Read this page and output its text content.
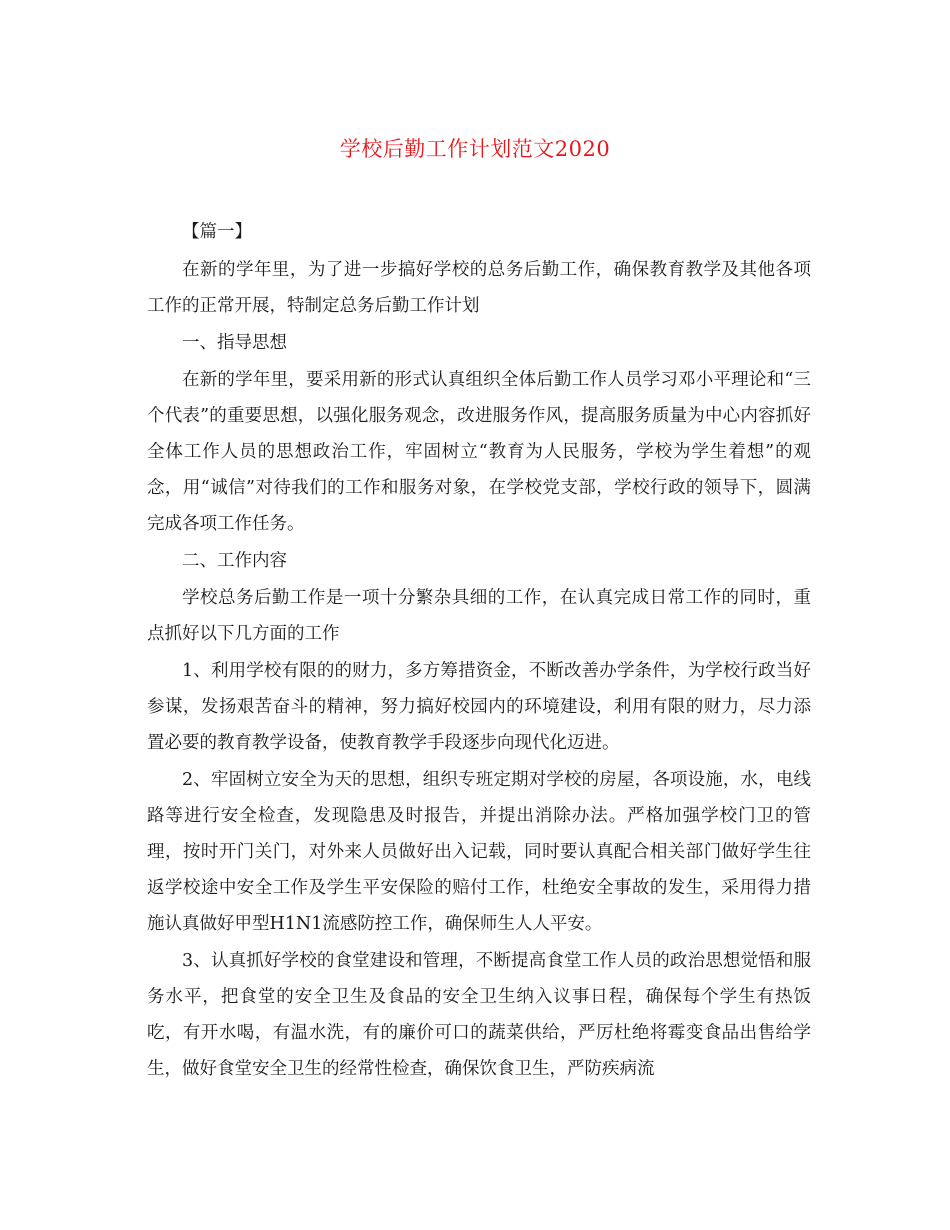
学校后勤工作计划范文2020

【篇一】

在新的学年里，为了进一步搞好学校的总务后勤工作，确保教育教学及其他各项工作的正常开展，特制定总务后勤工作计划

一、指导思想

在新的学年里，要采用新的形式认真组织全体后勤工作人员学习邓小平理论和“三个代表”的重要思想，以强化服务观念，改进服务作风，提高服务质量为中心内容抓好全体工作人员的思想政治工作，牢固树立“教育为人民服务，学校为学生着想”的观念，用“诚信”对待我们的工作和服务对象，在学校党支部，学校行政的领导下，圆满完成各项工作任务。

二、工作内容

学校总务后勤工作是一项十分繁杂具细的工作，在认真完成日常工作的同时，重点抓好以下几方面的工作

1、利用学校有限的的财力，多方筹措资金，不断改善办学条件，为学校行政当好参谋，发扬艰苦奋斗的精神，努力搞好校园内的环境建设，利用有限的财力，尽力添置必要的教育教学设备，使教育教学手段逐步向现代化迈进。

2、牢固树立安全为天的思想，组织专班定期对学校的房屋，各项设施，水，电线路等进行安全检查，发现隐患及时报告，并提出消除办法。严格加强学校门卫的管理，按时开门关门，对外来人员做好出入记载，同时要认真配合相关部门做好学生往返学校途中安全工作及学生平安保险的赔付工作，杜绝安全事故的发生，采用得力措施认真做好甲型H1N1流感防控工作，确保师生人人平安。

3、认真抓好学校的食堂建设和管理，不断提高食堂工作人员的政治思想觉悟和服务水平，把食堂的安全卫生及食品的安全卫生纳入议事日程，确保每个学生有热饭吃，有开水喝，有温水洗，有的廉价可口的蔬菜供给，严厉杜绝将霉变食品出售给学生，做好食堂安全卫生的经常性检查，确保饮食卫生，严防疾病流
